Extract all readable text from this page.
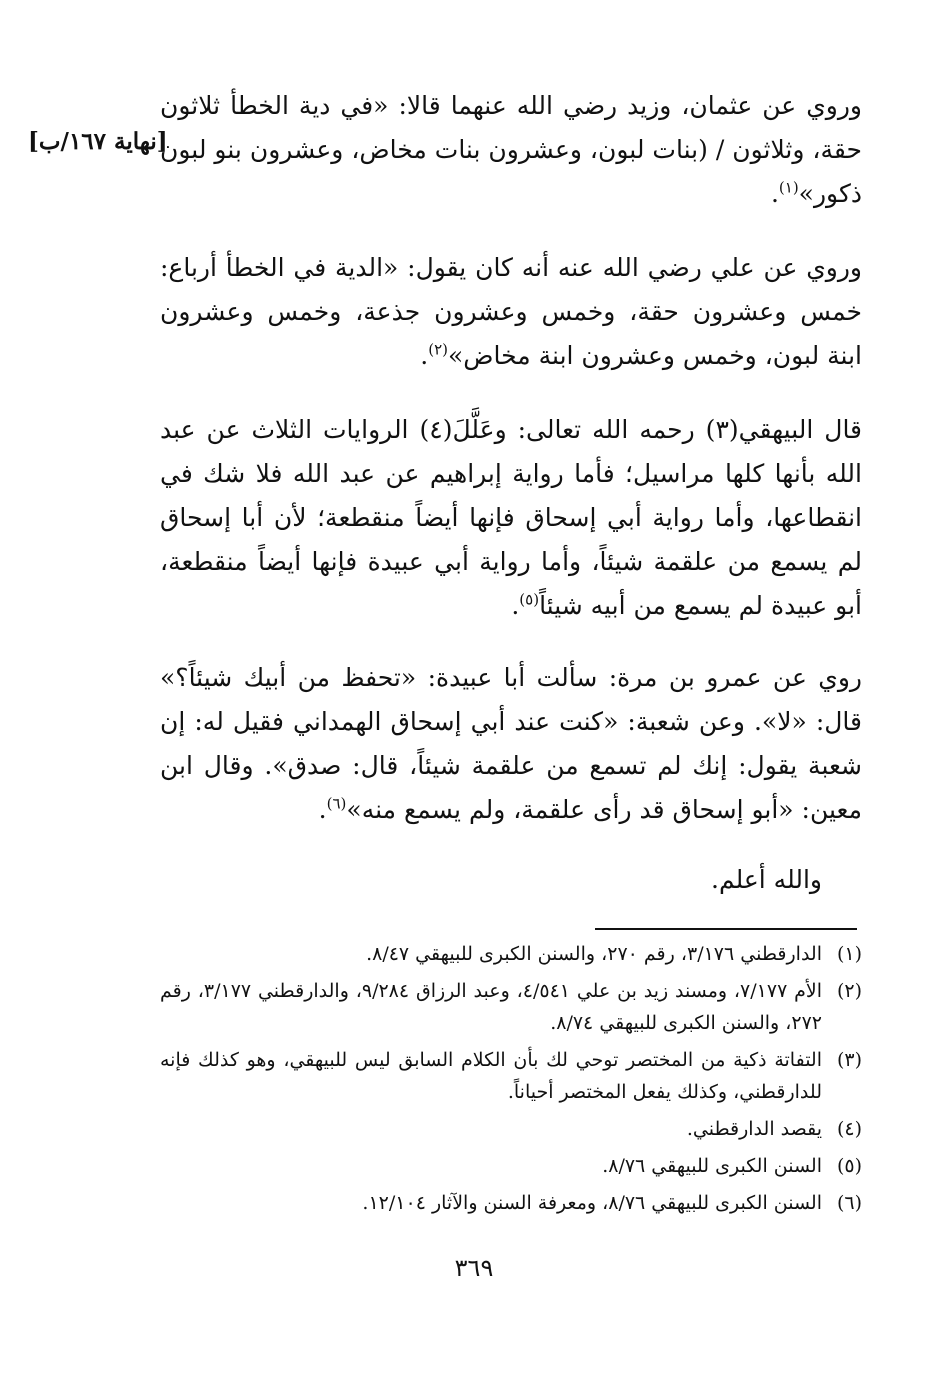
[نهاية ١٦٧/ب]

وروي عن عثمان، وزيد رضي الله عنهما قالا: «في دية الخطأ ثلاثون حقة، وثلاثون / (بنات لبون، وعشرون بنات مخاض، وعشرون بنو لبون ذكور»$^{(١)}$.

وروي عن علي رضي الله عنه أنه كان يقول: «الدية في الخطأ أرباع: خمس وعشرون حقة، وخمس وعشرون جذعة، وخمس وعشرون ابنة لبون، وخمس وعشرون ابنة مخاض»$^{(٢)}$.

قال البيهقي(٣) رحمه الله تعالى: وعَلَّلَ(٤) الروايات الثلاث عن عبد الله بأنها كلها مراسيل؛ فأما رواية إبراهيم عن عبد الله فلا شك في انقطاعها، وأما رواية أبي إسحاق فإنها أيضاً منقطعة؛ لأن أبا إسحاق لم يسمع من علقمة شيئاً، وأما رواية أبي عبيدة فإنها أيضاً منقطعة، أبو عبيدة لم يسمع من أبيه شيئاً$^{(٥)}$.

روي عن عمرو بن مرة: سألت أبا عبيدة: «تحفظ من أبيك شيئاً؟» قال: «لا». وعن شعبة: «كنت عند أبي إسحاق الهمداني فقيل له: إن شعبة يقول: إنك لم تسمع من علقمة شيئاً، قال: صدق». وقال ابن معين: «أبو إسحاق قد رأى علقمة، ولم يسمع منه»$^{(٦)}$.

والله أعلم.

(١)
الدارقطني ٣/١٧٦، رقم ٢٧٠، والسنن الكبرى للبيهقي ٨/٤٧.
(٢)
الأم ٧/١٧٧، ومسند زيد بن علي ٤/٥٤١، وعبد الرزاق ٩/٢٨٤، والدارقطني ٣/١٧٧، رقم ٢٧٢، والسنن الكبرى للبيهقي ٨/٧٤.
(٣)
التفاتة ذكية من المختصر توحي لك بأن الكلام السابق ليس للبيهقي، وهو كذلك فإنه للدارقطني، وكذلك يفعل المختصر أحياناً.
(٤)
يقصد الدارقطني.
(٥)
السنن الكبرى للبيهقي ٨/٧٦.
(٦)
السنن الكبرى للبيهقي ٨/٧٦، ومعرفة السنن والآثار ١٢/١٠٤.
٣٦٩
